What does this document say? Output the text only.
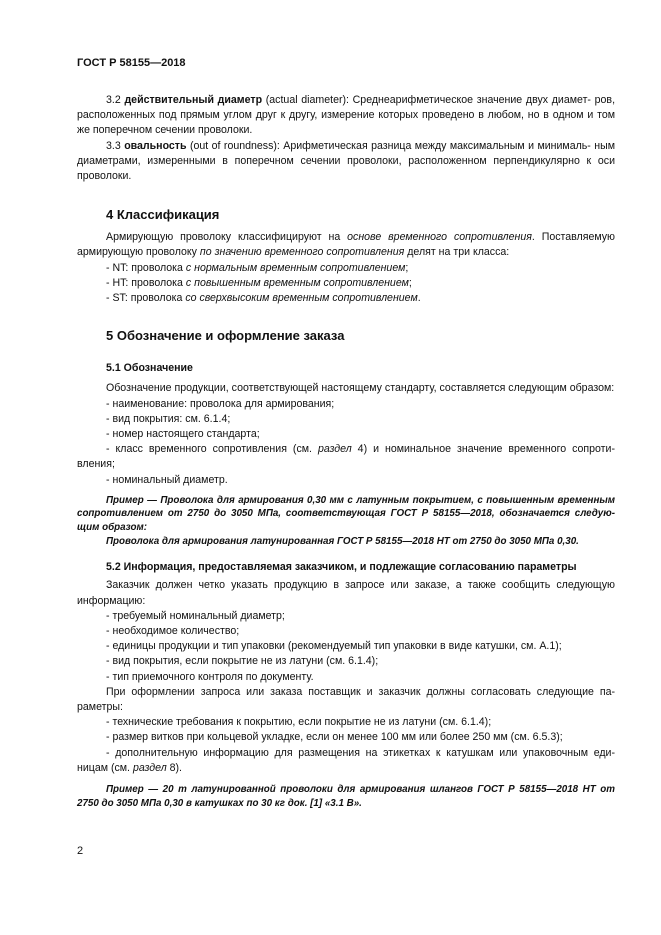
ГОСТ Р 58155—2018

3.2 действительный диаметр (actual diameter): Среднеарифметическое значение двух диамет- ров, расположенных под прямым углом друг к другу, измерение которых проведено в любом, но в одном и том же поперечном сечении проволоки.

3.3 овальность (out of roundness): Арифметическая разница между максимальным и минималь- ным диаметрами, измеренными в поперечном сечении проволоки, расположенном перпендикулярно к оси проволоки.

4 Классификация

Армирующую проволоку классифицируют на основе временного сопротивления. Поставляемую армирующую проволоку по значению временного сопротивления делят на три класса:

- NT: проволока с нормальным временным сопротивлением;

- HT: проволока с повышенным временным сопротивлением;

- ST: проволока со сверхвысоким временным сопротивлением.

5 Обозначение и оформление заказа
5.1 Обозначение

Обозначение продукции, соответствующей настоящему стандарту, составляется следующим образом:

- наименование: проволока для армирования;

- вид покрытия: см. 6.1.4;

- номер настоящего стандарта;

- класс временного сопротивления (см. раздел 4) и номинальное значение временного сопроти- вления;

- номинальный диаметр.

Пример — Проволока для армирования 0,30 мм с латунным покрытием, с повышенным временным сопротивлением от 2750 до 3050 МПа, соответствующая ГОСТ Р 58155—2018, обозначается следую- щим образом:

Проволока для армирования латунированная ГОСТ Р 58155—2018 НТ от 2750 до 3050 МПа 0,30.

5.2 Информация, предоставляемая заказчиком, и подлежащие согласованию параметры

Заказчик должен четко указать продукцию в запросе или заказе, а также сообщить следующую информацию:

- требуемый номинальный диаметр;

- необходимое количество;

- единицы продукции и тип упаковки (рекомендуемый тип упаковки в виде катушки, см. А.1);

- вид покрытия, если покрытие не из латуни (см. 6.1.4);

- тип приемочного контроля по документу.

При оформлении запроса или заказа поставщик и заказчик должны согласовать следующие па- раметры:

- технические требования к покрытию, если покрытие не из латуни (см. 6.1.4);

- размер витков при кольцевой укладке, если он менее 100 мм или более 250 мм (см. 6.5.3);

- дополнительную информацию для размещения на этикетках к катушкам или упаковочным еди- ницам (см. раздел 8).

Пример — 20 т латунированной проволоки для армирования шлангов ГОСТ Р 58155—2018 НТ от 2750 до 3050 МПа 0,30 в катушках по 30 кг док. [1] «3.1 В».

2
